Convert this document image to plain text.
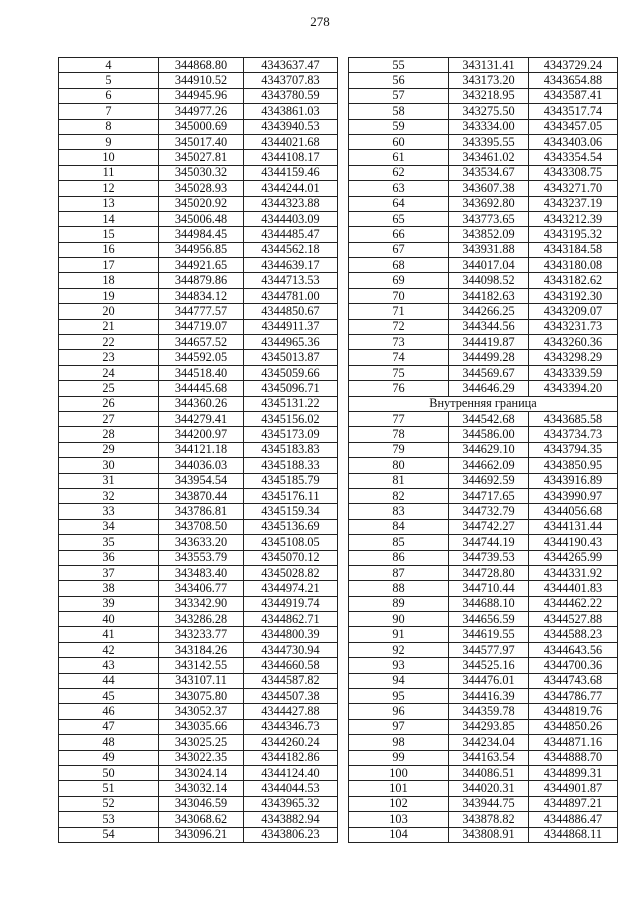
278
4	344868.80	4343637.47
5	344910.52	4343707.83
6	344945.96	4343780.59
7	344977.26	4343861.03
8	345000.69	4343940.53
9	345017.40	4344021.68
10	345027.81	4344108.17
11	345030.32	4344159.46
12	345028.93	4344244.01
13	345020.92	4344323.88
14	345006.48	4344403.09
15	344984.45	4344485.47
16	344956.85	4344562.18
17	344921.65	4344639.17
18	344879.86	4344713.53
19	344834.12	4344781.00
20	344777.57	4344850.67
21	344719.07	4344911.37
22	344657.52	4344965.36
23	344592.05	4345013.87
24	344518.40	4345059.66
25	344445.68	4345096.71
26	344360.26	4345131.22
27	344279.41	4345156.02
28	344200.97	4345173.09
29	344121.18	4345183.83
30	344036.03	4345188.33
31	343954.54	4345185.79
32	343870.44	4345176.11
33	343786.81	4345159.34
34	343708.50	4345136.69
35	343633.20	4345108.05
36	343553.79	4345070.12
37	343483.40	4345028.82
38	343406.77	4344974.21
39	343342.90	4344919.74
40	343286.28	4344862.71
41	343233.77	4344800.39
42	343184.26	4344730.94
43	343142.55	4344660.58
44	343107.11	4344587.82
45	343075.80	4344507.38
46	343052.37	4344427.88
47	343035.66	4344346.73
48	343025.25	4344260.24
49	343022.35	4344182.86
50	343024.14	4344124.40
51	343032.14	4344044.53
52	343046.59	4343965.32
53	343068.62	4343882.94
54	343096.21	4343806.23
55	343131.41	4343729.24
56	343173.20	4343654.88
57	343218.95	4343587.41
58	343275.50	4343517.74
59	343334.00	4343457.05
60	343395.55	4343403.06
61	343461.02	4343354.54
62	343534.67	4343308.75
63	343607.38	4343271.70
64	343692.80	4343237.19
65	343773.65	4343212.39
66	343852.09	4343195.32
67	343931.88	4343184.58
68	344017.04	4343180.08
69	344098.52	4343182.62
70	344182.63	4343192.30
71	344266.25	4343209.07
72	344344.56	4343231.73
73	344419.87	4343260.36
74	344499.28	4343298.29
75	344569.67	4343339.59
76	344646.29	4343394.20
Внутренняя граница		
77	344542.68	4343685.58
78	344586.00	4343734.73
79	344629.10	4343794.35
80	344662.09	4343850.95
81	344692.59	4343916.89
82	344717.65	4343990.97
83	344732.79	4344056.68
84	344742.27	4344131.44
85	344744.19	4344190.43
86	344739.53	4344265.99
87	344728.80	4344331.92
88	344710.44	4344401.83
89	344688.10	4344462.22
90	344656.59	4344527.88
91	344619.55	4344588.23
92	344577.97	4344643.56
93	344525.16	4344700.36
94	344476.01	4344743.68
95	344416.39	4344786.77
96	344359.78	4344819.76
97	344293.85	4344850.26
98	344234.04	4344871.16
99	344163.54	4344888.70
100	344086.51	4344899.31
101	344020.31	4344901.87
102	343944.75	4344897.21
103	343878.82	4344886.47
104	343808.91	4344868.11
